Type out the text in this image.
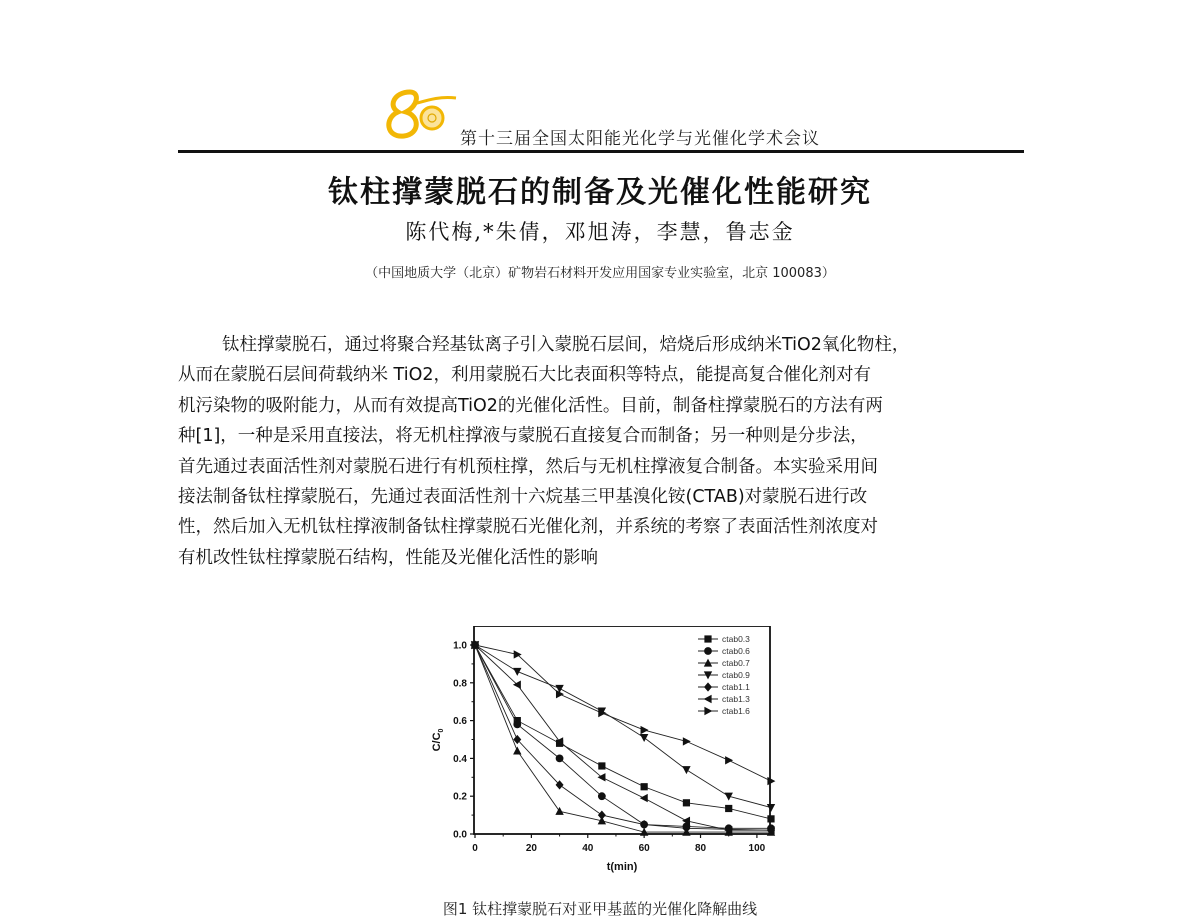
第十三届全国太阳能光化学与光催化学术会议
钛柱撑蒙脱石的制备及光催化性能研究
陈代梅,*朱倩，邓旭涛，李慧，鲁志金
（中国地质大学（北京）矿物岩石材料开发应用国家专业实验室，北京 100083）
钛柱撑蒙脱石，通过将聚合羟基钛离子引入蒙脱石层间，焙烧后形成纳米TiO2氧化物柱，
从而在蒙脱石层间荷载纳米 TiO2，利用蒙脱石大比表面积等特点，能提高复合催化剂对有
机污染物的吸附能力，从而有效提高TiO2的光催化活性。目前，制备柱撑蒙脱石的方法有两
种[1]，一种是采用直接法，将无机柱撑液与蒙脱石直接复合而制备；另一种则是分步法，
首先通过表面活性剂对蒙脱石进行有机预柱撑，然后与无机柱撑液复合制备。本实验采用间
接法制备钛柱撑蒙脱石，先通过表面活性剂十六烷基三甲基溴化铵(CTAB)对蒙脱石进行改
性，然后加入无机钛柱撑液制备钛柱撑蒙脱石光催化剂，并系统的考察了表面活性剂浓度对
有机改性钛柱撑蒙脱石结构，性能及光催化活性的影响
0	20	40	60	80	100
0.0
0.2
0.4
0.6
0.8
1.0
t(min)
$C/C_0$
ctab0.3
ctab0.6
ctab0.7
ctab0.9
ctab1.1
ctab1.3
ctab1.6
图1 钛柱撑蒙脱石对亚甲基蓝的光催化降解曲线
